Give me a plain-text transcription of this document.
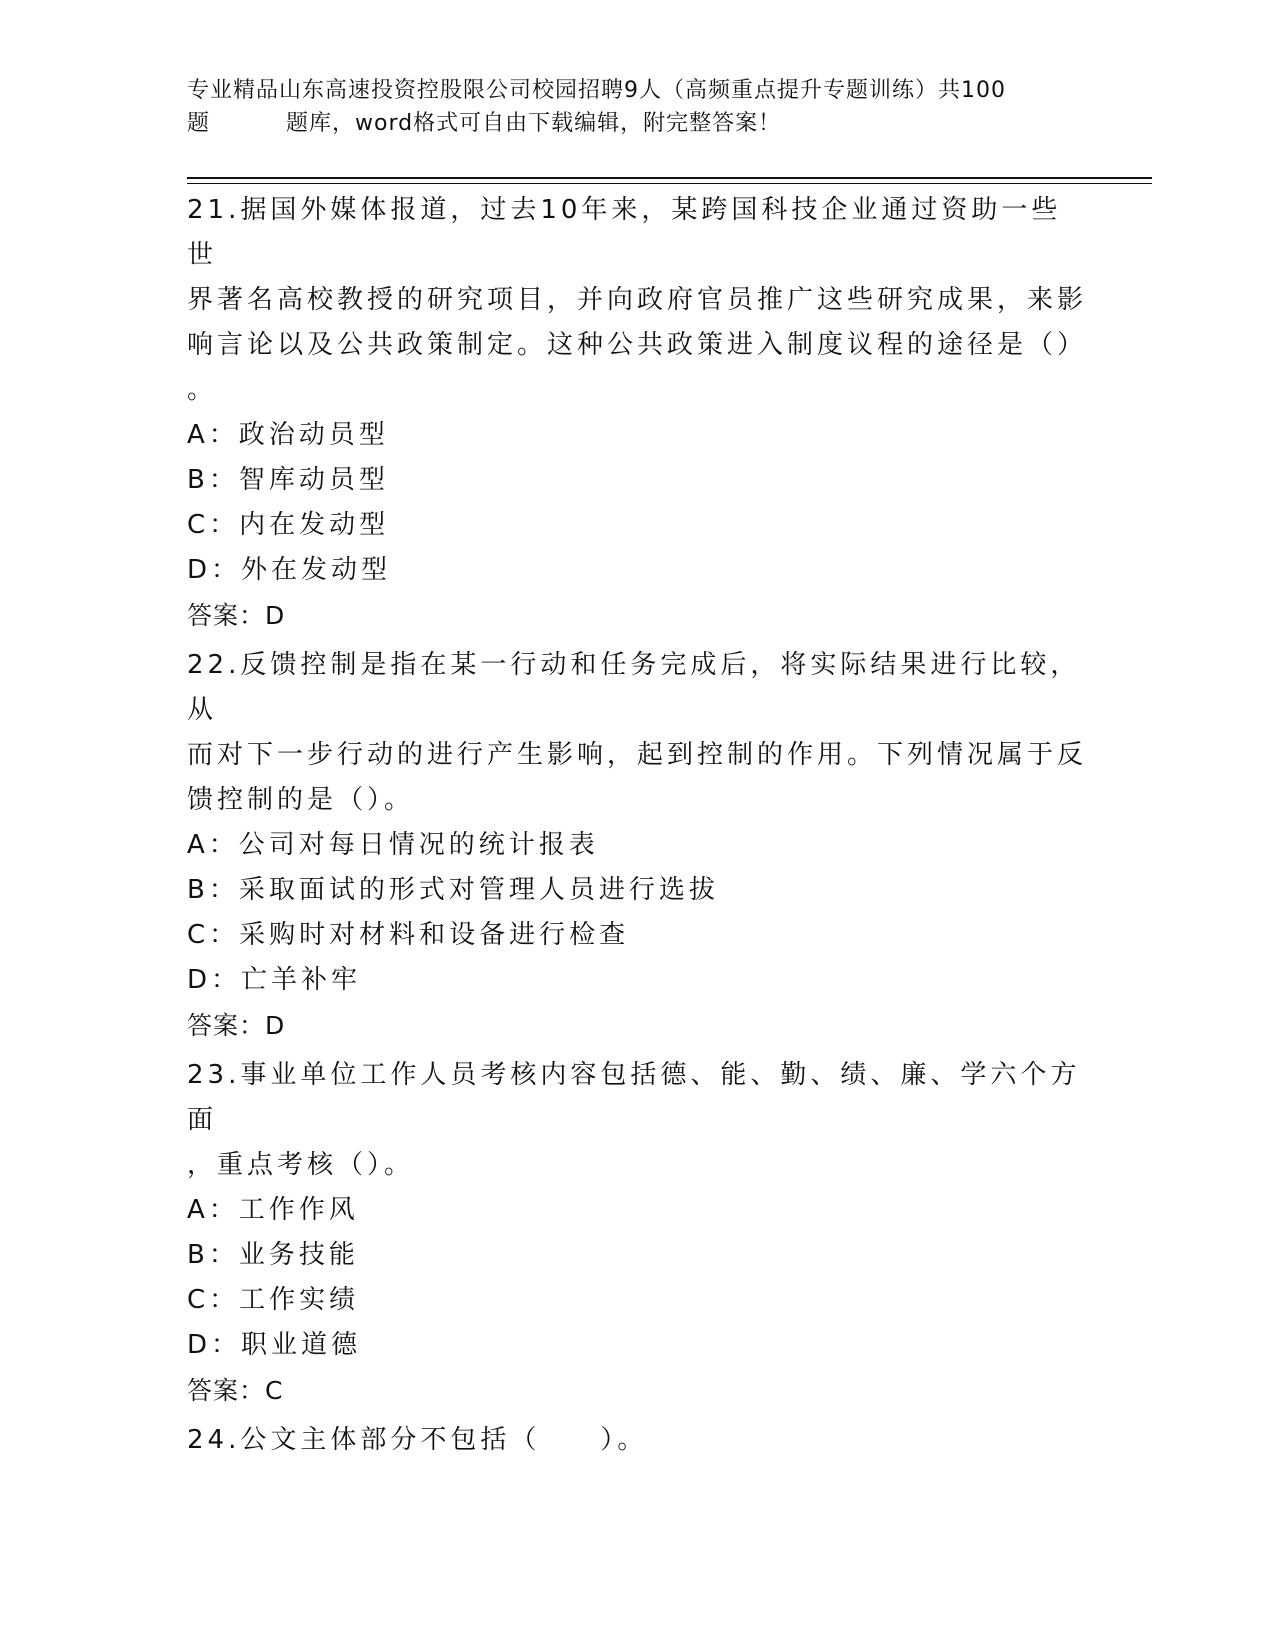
专业精品山东高速投资控股限公司校园招聘9人（高频重点提升专题训练）共100
题	题库，word格式可自由下载编辑，附完整答案！
21.据国外媒体报道，过去10年来，某跨国科技企业通过资助一些世
界著名高校教授的研究项目，并向政府官员推广这些研究成果，来影
响言论以及公共政策制定。这种公共政策进入制度议程的途径是（）
。
A：政治动员型
B：智库动员型
C：内在发动型
D：外在发动型
答案：D
22.反馈控制是指在某一行动和任务完成后，将实际结果进行比较，从
而对下一步行动的进行产生影响，起到控制的作用。下列情况属于反
馈控制的是（）。
A：公司对每日情况的统计报表
B：采取面试的形式对管理人员进行选拔
C：采购时对材料和设备进行检查
D：亡羊补牢
答案：D
23.事业单位工作人员考核内容包括德、能、勤、绩、廉、学六个方面
，重点考核（）。
A：工作作风
B：业务技能
C：工作实绩
D：职业道德
答案：C
24.公文主体部分不包括（　　）。
